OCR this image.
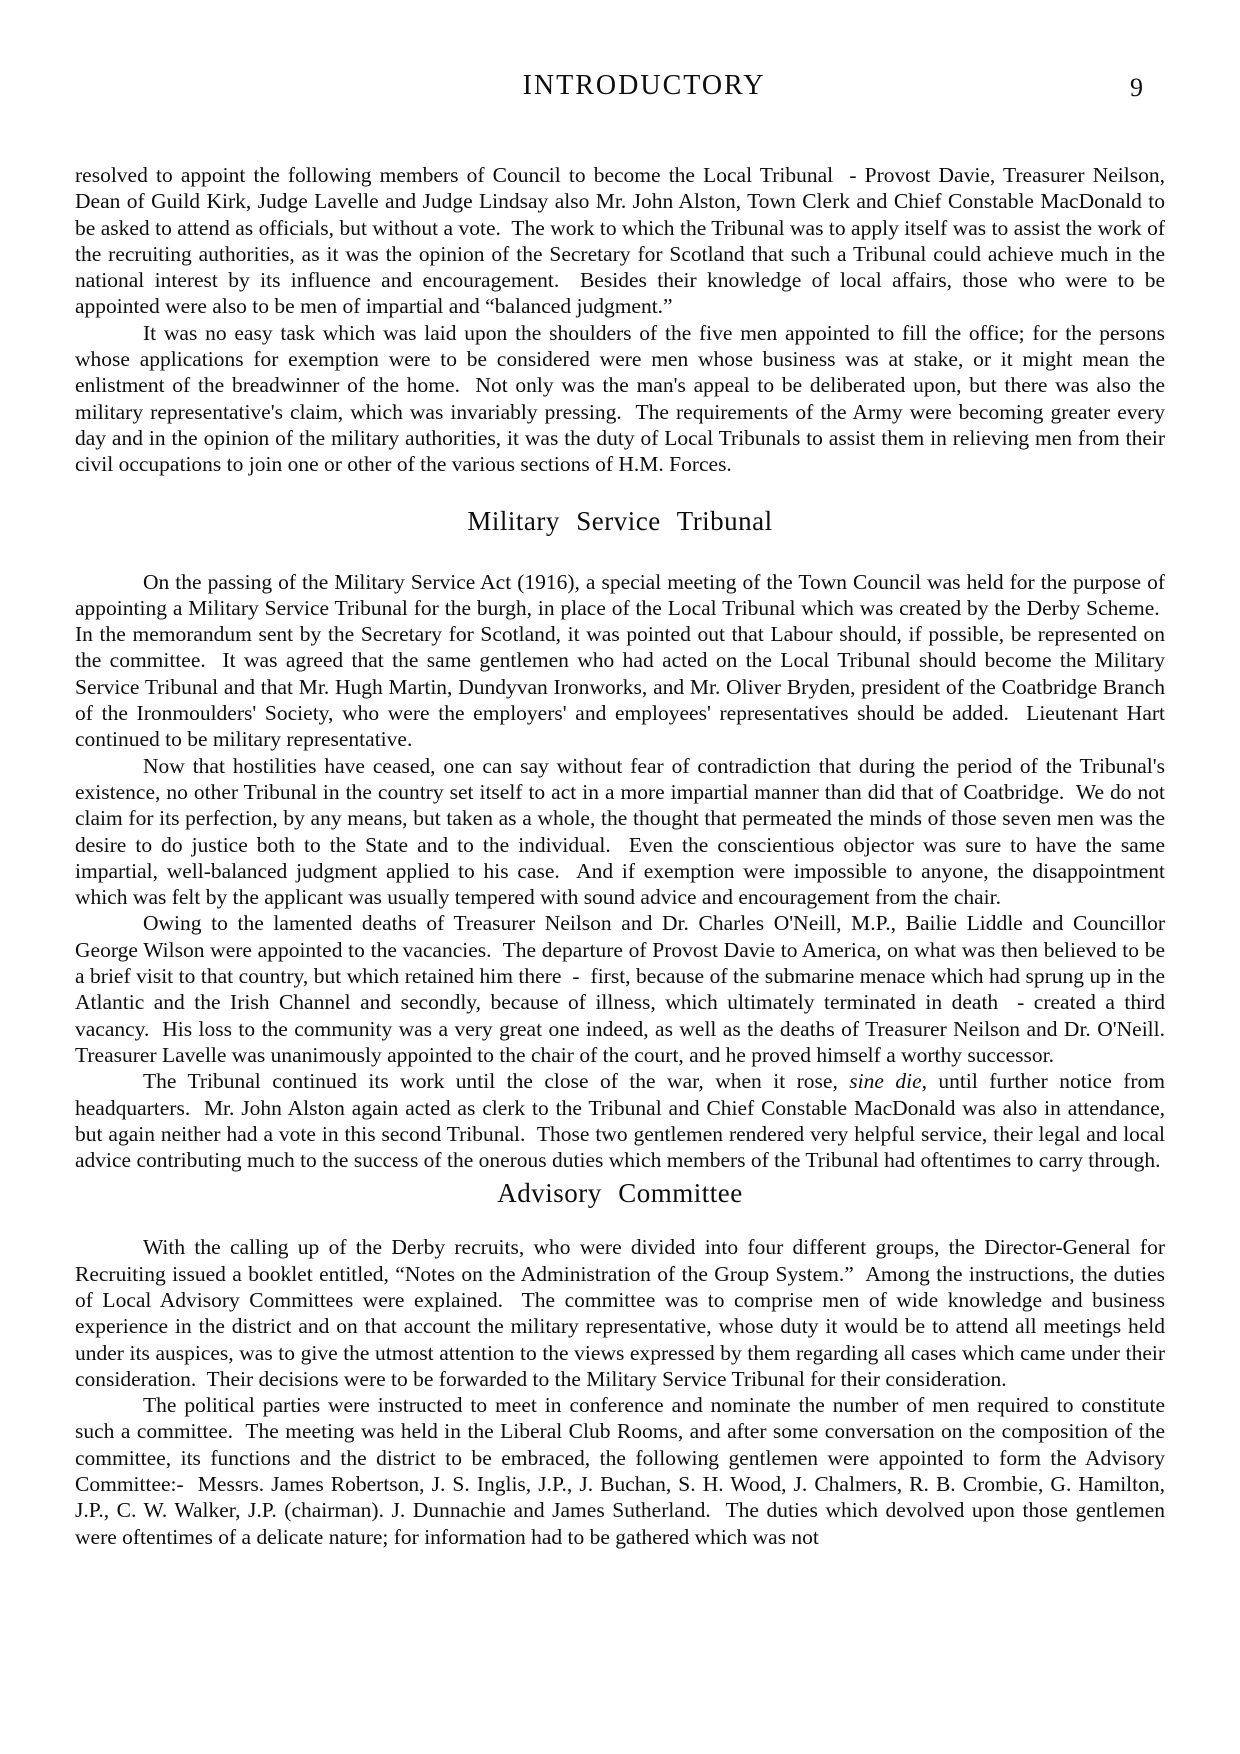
INTRODUCTORY	9

resolved to appoint the following members of Council to become the Local Tribunal  - Provost Davie, Treasurer Neilson, Dean of Guild Kirk, Judge Lavelle and Judge Lindsay also Mr. John Alston, Town Clerk and Chief Constable MacDonald to be asked to attend as officials, but without a vote.  The work to which the Tribunal was to apply itself was to assist the work of the recruiting authorities, as it was the opinion of the Secretary for Scotland that such a Tribunal could achieve much in the national interest by its influence and encouragement.  Besides their knowledge of local affairs, those who were to be appointed were also to be men of impartial and “balanced judgment.”

It was no easy task which was laid upon the shoulders of the five men appointed to fill the office; for the persons whose applications for exemption were to be considered were men whose business was at stake, or it might mean the enlistment of the breadwinner of the home.  Not only was the man's appeal to be deliberated upon, but there was also the military representative's claim, which was invariably pressing.  The requirements of the Army were becoming greater every day and in the opinion of the military authorities, it was the duty of Local Tribunals to assist them in relieving men from their civil occupations to join one or other of the various sections of H.M. Forces.

Military Service Tribunal

On the passing of the Military Service Act (1916), a special meeting of the Town Council was held for the purpose of appointing a Military Service Tribunal for the burgh, in place of the Local Tribunal which was created by the Derby Scheme.  In the memorandum sent by the Secretary for Scotland, it was pointed out that Labour should, if possible, be represented on the committee.  It was agreed that the same gentlemen who had acted on the Local Tribunal should become the Military Service Tribunal and that Mr. Hugh Martin, Dundyvan Ironworks, and Mr. Oliver Bryden, president of the Coatbridge Branch of the Ironmoulders' Society, who were the employers' and employees' representatives should be added.  Lieutenant Hart continued to be military representative.

Now that hostilities have ceased, one can say without fear of contradiction that during the period of the Tribunal's existence, no other Tribunal in the country set itself to act in a more impartial manner than did that of Coatbridge.  We do not claim for its perfection, by any means, but taken as a whole, the thought that permeated the minds of those seven men was the desire to do justice both to the State and to the individual.  Even the conscientious objector was sure to have the same impartial, well-balanced judgment applied to his case.  And if exemption were impossible to anyone, the disappointment which was felt by the applicant was usually tempered with sound advice and encouragement from the chair.

Owing to the lamented deaths of Treasurer Neilson and Dr. Charles O'Neill, M.P., Bailie Liddle and Councillor George Wilson were appointed to the vacancies.  The departure of Provost Davie to America, on what was then believed to be a brief visit to that country, but which retained him there  -  first, because of the submarine menace which had sprung up in the Atlantic and the Irish Channel and secondly, because of illness, which ultimately terminated in death  - created a third vacancy.  His loss to the community was a very great one indeed, as well as the deaths of Treasurer Neilson and Dr. O'Neill. Treasurer Lavelle was unanimously appointed to the chair of the court, and he proved himself a worthy successor.

The Tribunal continued its work until the close of the war, when it rose, sine die, until further notice from headquarters.  Mr. John Alston again acted as clerk to the Tribunal and Chief Constable MacDonald was also in attendance, but again neither had a vote in this second Tribunal.  Those two gentlemen rendered very helpful service, their legal and local advice contributing much to the success of the onerous duties which members of the Tribunal had oftentimes to carry through.

Advisory Committee

With the calling up of the Derby recruits, who were divided into four different groups, the Director-General for Recruiting issued a booklet entitled, “Notes on the Administration of the Group System.”  Among the instructions, the duties of Local Advisory Committees were explained.  The committee was to comprise men of wide knowledge and business experience in the district and on that account the military representative, whose duty it would be to attend all meetings held under its auspices, was to give the utmost attention to the views expressed by them regarding all cases which came under their consideration.  Their decisions were to be forwarded to the Military Service Tribunal for their consideration.

The political parties were instructed to meet in conference and nominate the number of men required to constitute such a committee.  The meeting was held in the Liberal Club Rooms, and after some conversation on the composition of the committee, its functions and the district to be embraced, the following gentlemen were appointed to form the Advisory Committee:-  Messrs. James Robertson, J. S. Inglis, J.P., J. Buchan, S. H. Wood, J. Chalmers, R. B. Crombie, G. Hamilton, J.P., C. W. Walker, J.P. (chairman). J. Dunnachie and James Sutherland.  The duties which devolved upon those gentlemen were oftentimes of a delicate nature; for information had to be gathered which was not
